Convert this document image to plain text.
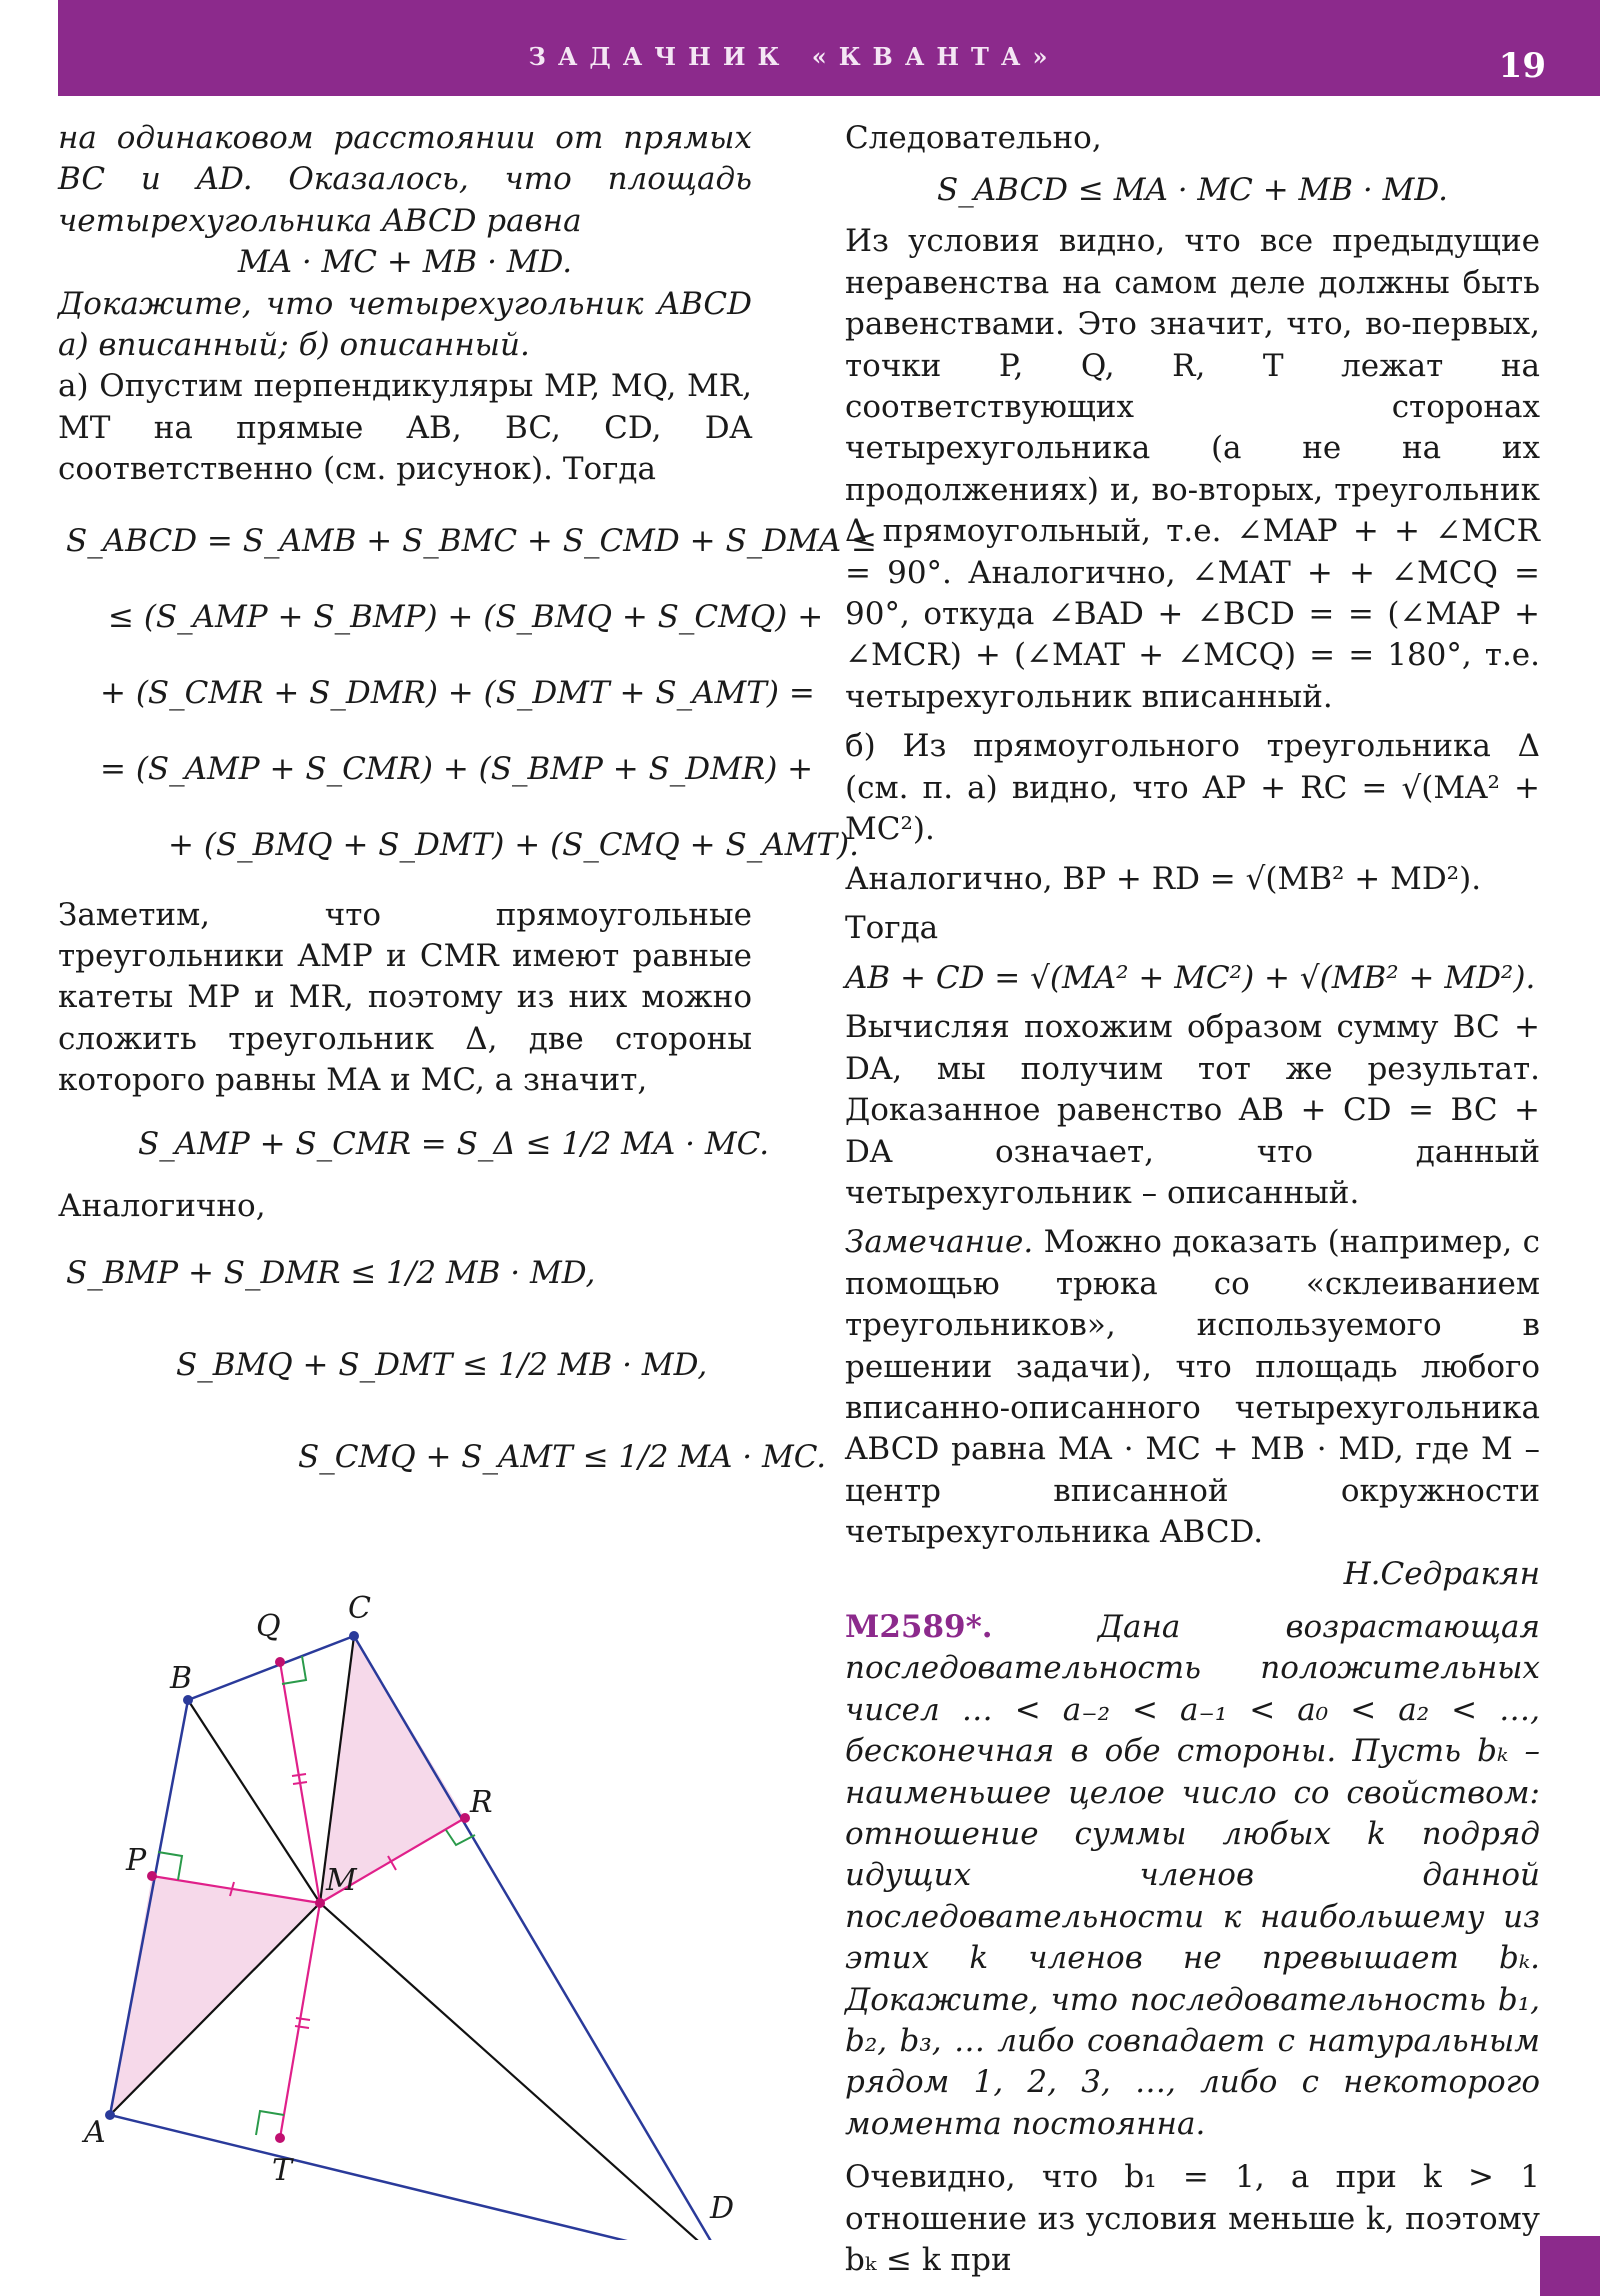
ЗАДАЧНИК «КВАНТА»	19

на одинаковом расстоянии от прямых BC и AD. Оказалось, что площадь четырехугольника ABCD равна

MA · MC + MB · MD.

Докажите, что четырехугольник ABCD а) вписанный; б) описанный.

а) Опустим перпендикуляры MP, MQ, MR, MT на прямые AB, BC, CD, DA соответственно (см. рисунок). Тогда

S_ABCD = S_AMB + S_BMC + S_CMD + S_DMA ≤

≤ (S_AMP + S_BMP) + (S_BMQ + S_CMQ) +

+ (S_CMR + S_DMR) + (S_DMT + S_AMT) =

= (S_AMP + S_CMR) + (S_BMP + S_DMR) +

+ (S_BMQ + S_DMT) + (S_CMQ + S_AMT).

Заметим, что прямоугольные треугольники AMP и CMR имеют равные катеты MP и MR, поэтому из них можно сложить треугольник Δ, две стороны которого равны MA и MC, а значит,

S_AMP + S_CMR = S_Δ ≤ 1/2 MA · MC.

Аналогично,

S_BMP + S_DMR ≤ 1/2 MB · MD,

S_BMQ + S_DMT ≤ 1/2 MB · MD,

S_CMQ + S_AMT ≤ 1/2 MA · MC.

A
B
C
D
M
P
Q
R
T

Следовательно,

S_ABCD ≤ MA · MC + MB · MD.

Из условия видно, что все предыдущие неравенства на самом деле должны быть равенствами. Это значит, что, во-первых, точки P, Q, R, T лежат на соответствующих сторонах четырехугольника (а не на их продолжениях) и, во-вторых, треугольник Δ прямоугольный, т.е. ∠MAP + + ∠MCR = 90°. Аналогично, ∠MAT + + ∠MCQ = 90°, откуда ∠BAD + ∠BCD = = (∠MAP + ∠MCR) + (∠MAT + ∠MCQ) = = 180°, т.е. четырехугольник вписанный.

б) Из прямоугольного треугольника Δ (см. п. а) видно, что AP + RC = √(MA² + MC²).

Аналогично, BP + RD = √(MB² + MD²).

Тогда

AB + CD = √(MA² + MC²) + √(MB² + MD²).

Вычисляя похожим образом сумму BC + DA, мы получим тот же результат. Доказанное равенство AB + CD = BC + DA означает, что данный четырехугольник – описанный.

Замечание. Можно доказать (например, с помощью трюка со «склеиванием треугольников», используемого в решении задачи), что площадь любого вписанно-описанного четырехугольника ABCD равна MA · MC + MB · MD, где M – центр вписанной окружности четырехугольника ABCD.

Н.Седракян

M2589*.	Дана возрастающая последовательность положительных чисел … < a₋₂ < a₋₁ < a₀ < a₂ < …, бесконечная в обе стороны. Пусть bₖ – наименьшее целое число со свойством: отношение суммы любых k подряд идущих членов данной последовательности к наибольшему из этих k членов не превышает bₖ. Докажите, что последовательность b₁, b₂, b₃, … либо совпадает с натуральным рядом 1, 2, 3, …, либо с некоторого момента постоянна.

Очевидно, что b₁ = 1, а при k > 1 отношение из условия меньше k, поэтому bₖ ≤ k при
